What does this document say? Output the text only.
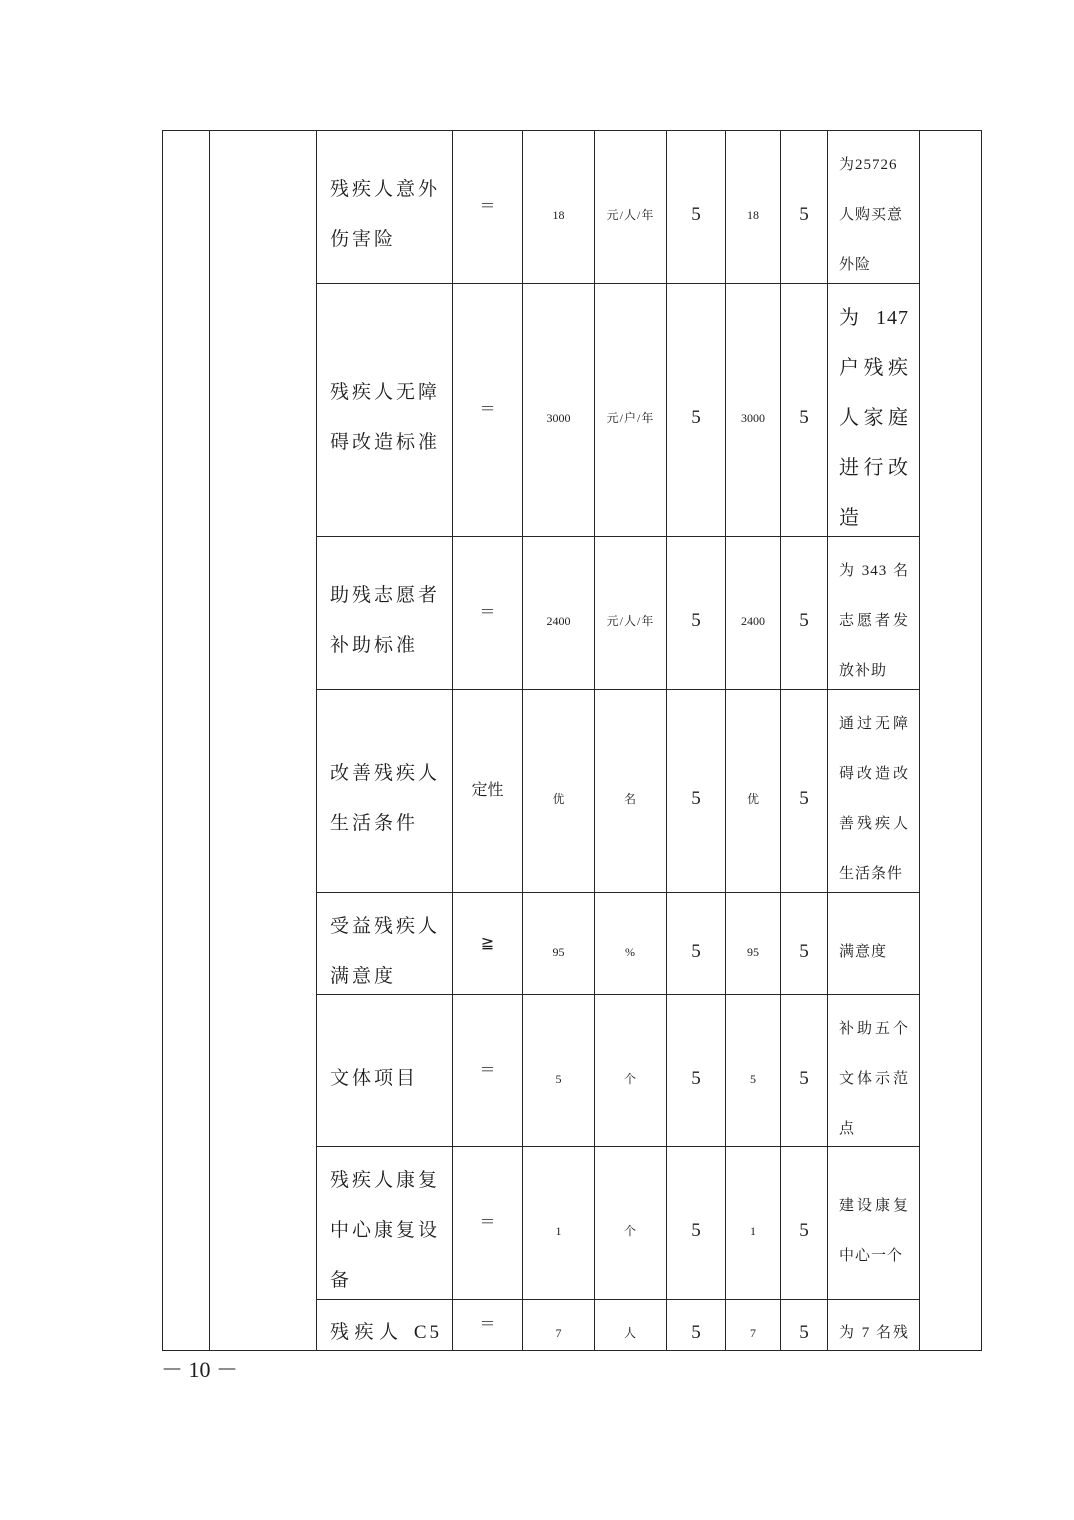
		残疾人意外伤害险	＝	18	元/人/年	5	18	5	为25726人购买意外险	

		残疾人无障碍改造标准	＝	3000	元/户/年	5	3000	5	为 147 户残疾人家庭进行改造	

		助残志愿者补助标准	＝	2400	元/人/年	5	2400	5	为 343 名志愿者发放补助	

		改善残疾人生活条件	定性	优	名	5	优	5	通过无障碍改造改善残疾人生活条件	

		受益残疾人满意度	≧	95	%	5	95	5	满意度	

		文体项目	＝	5	个	5	5	5	补助五个文体示范点	

		残疾人康复中心康复设备	＝	1	个	5	1	5	建设康复中心一个	

		残疾人 C5	＝	7	人	5	7	5	为 7 名残	
－ 10 －
